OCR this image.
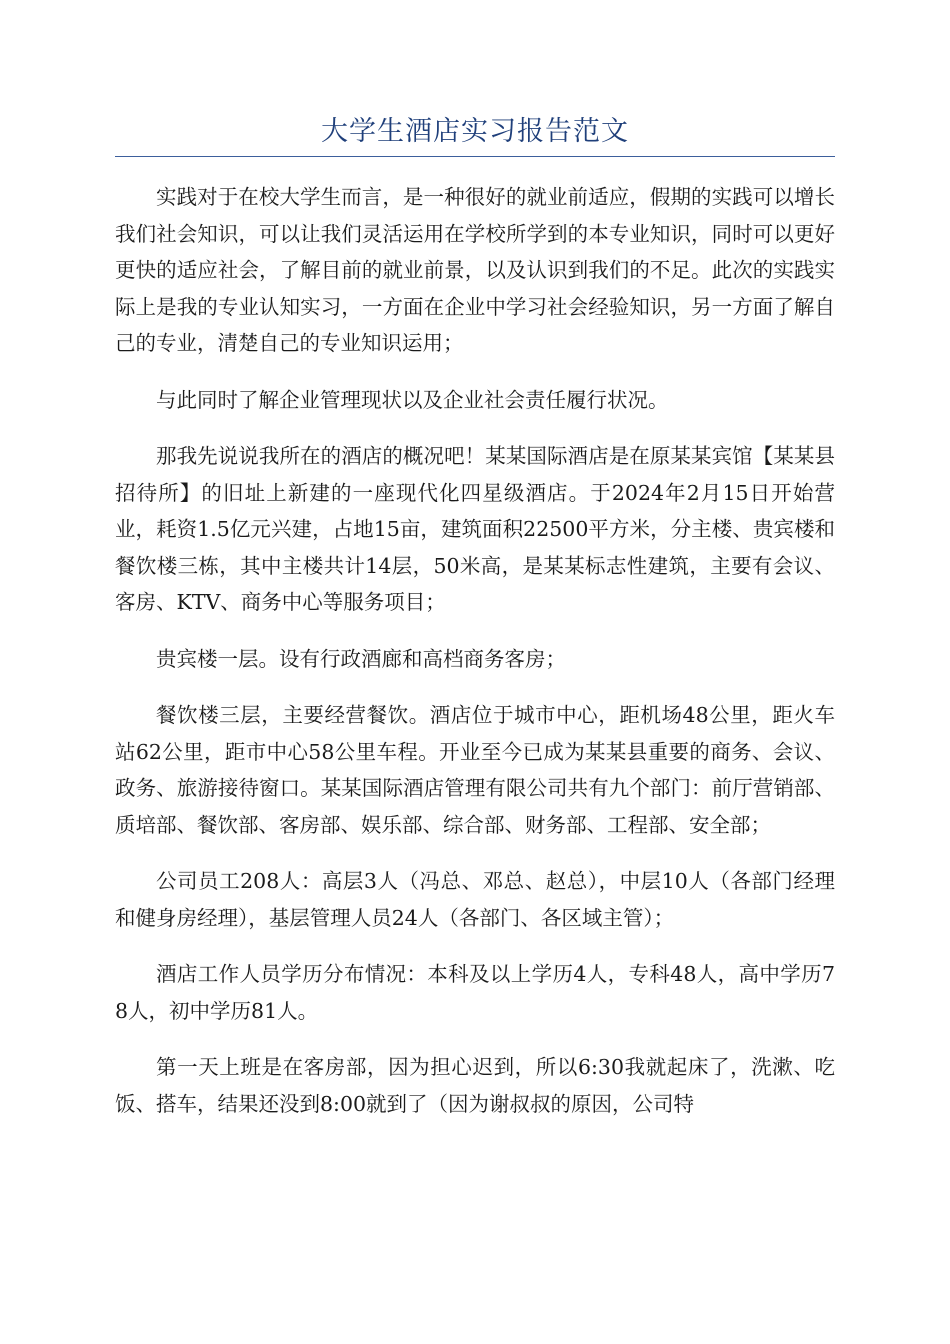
大学生酒店实习报告范文

实践对于在校大学生而言，是一种很好的就业前适应，假期的实践可以增长我们社会知识，可以让我们灵活运用在学校所学到的本专业知识，同时可以更好更快的适应社会，了解目前的就业前景，以及认识到我们的不足。此次的实践实际上是我的专业认知实习，一方面在企业中学习社会经验知识，另一方面了解自己的专业，清楚自己的专业知识运用；

与此同时了解企业管理现状以及企业社会责任履行状况。

那我先说说我所在的酒店的概况吧！某某国际酒店是在原某某宾馆【某某县招待所】的旧址上新建的一座现代化四星级酒店。于2024年2月15日开始营业，耗资1.5亿元兴建，占地15亩，建筑面积22500平方米，分主楼、贵宾楼和餐饮楼三栋，其中主楼共计14层，50米高，是某某标志性建筑，主要有会议、客房、KTV、商务中心等服务项目；

贵宾楼一层。设有行政酒廊和高档商务客房；

餐饮楼三层，主要经营餐饮。酒店位于城市中心，距机场48公里，距火车站62公里，距市中心58公里车程。开业至今已成为某某县重要的商务、会议、政务、旅游接待窗口。某某国际酒店管理有限公司共有九个部门：前厅营销部、质培部、餐饮部、客房部、娱乐部、综合部、财务部、工程部、安全部；

公司员工208人：高层3人（冯总、邓总、赵总），中层10人（各部门经理和健身房经理），基层管理人员24人（各部门、各区域主管）；

酒店工作人员学历分布情况：本科及以上学历4人，专科48人，高中学历78人，初中学历81人。

第一天上班是在客房部，因为担心迟到，所以6:30我就起床了，洗漱、吃饭、搭车，结果还没到8:00就到了（因为谢叔叔的原因，公司特
